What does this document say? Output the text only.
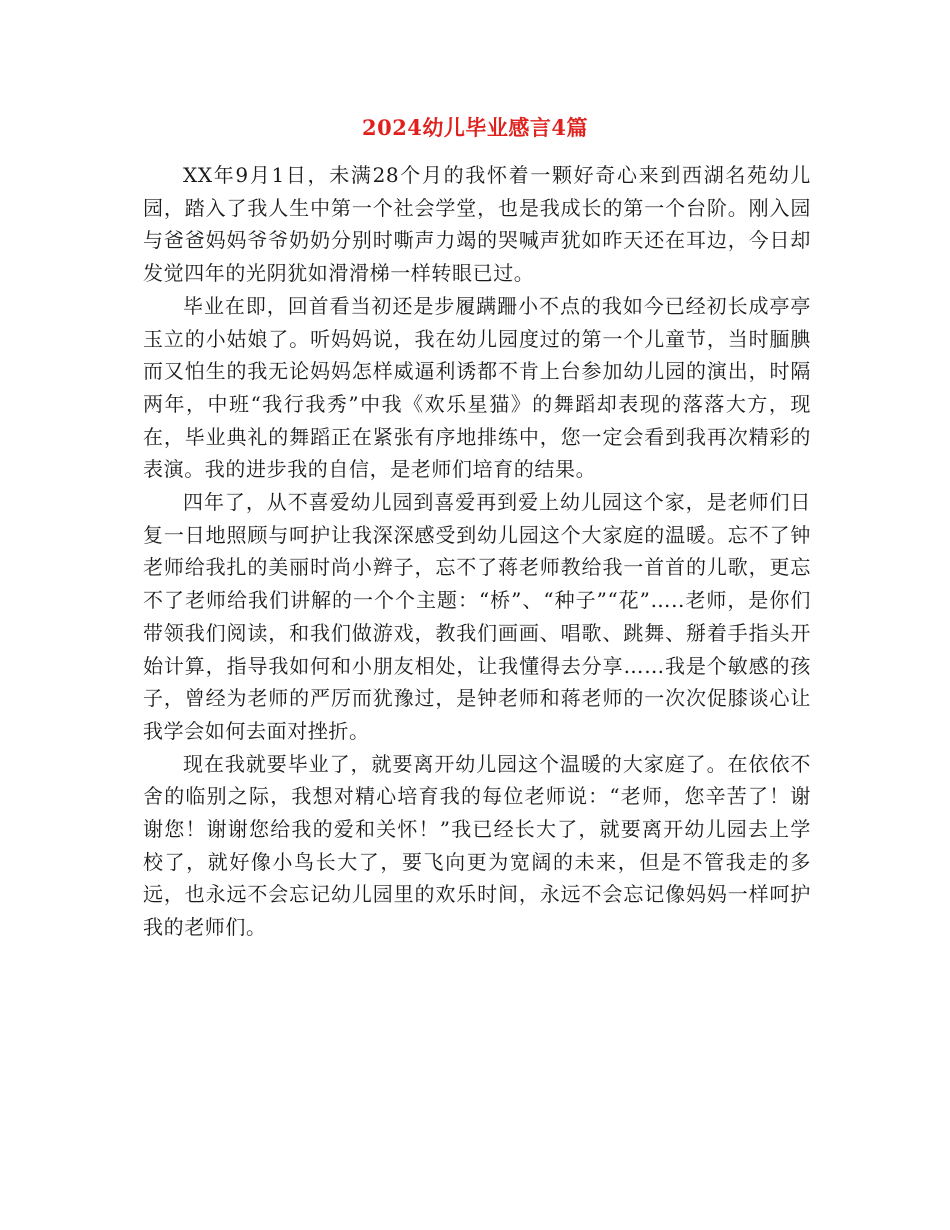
2024幼儿毕业感言4篇

XX年9月1日，未满28个月的我怀着一颗好奇心来到西湖名苑幼儿园，踏入了我人生中第一个社会学堂，也是我成长的第一个台阶。刚入园与爸爸妈妈爷爷奶奶分别时嘶声力竭的哭喊声犹如昨天还在耳边，今日却发觉四年的光阴犹如滑滑梯一样转眼已过。

毕业在即，回首看当初还是步履蹒跚小不点的我如今已经初长成亭亭玉立的小姑娘了。听妈妈说，我在幼儿园度过的第一个儿童节，当时腼腆而又怕生的我无论妈妈怎样威逼利诱都不肯上台参加幼儿园的演出，时隔两年，中班“我行我秀”中我《欢乐星猫》的舞蹈却表现的落落大方，现在，毕业典礼的舞蹈正在紧张有序地排练中，您一定会看到我再次精彩的表演。我的进步我的自信，是老师们培育的结果。

四年了，从不喜爱幼儿园到喜爱再到爱上幼儿园这个家，是老师们日复一日地照顾与呵护让我深深感受到幼儿园这个大家庭的温暖。忘不了钟老师给我扎的美丽时尚小辫子，忘不了蒋老师教给我一首首的儿歌，更忘不了老师给我们讲解的一个个主题：“桥”、“种子”“花”…..老师，是你们带领我们阅读，和我们做游戏，教我们画画、唱歌、跳舞、掰着手指头开始计算，指导我如何和小朋友相处，让我懂得去分享……我是个敏感的孩子，曾经为老师的严厉而犹豫过，是钟老师和蒋老师的一次次促膝谈心让我学会如何去面对挫折。

现在我就要毕业了，就要离开幼儿园这个温暖的大家庭了。在依依不舍的临别之际，我想对精心培育我的每位老师说：“老师，您辛苦了！谢谢您！谢谢您给我的爱和关怀！”我已经长大了，就要离开幼儿园去上学校了，就好像小鸟长大了，要飞向更为宽阔的未来，但是不管我走的多远，也永远不会忘记幼儿园里的欢乐时间，永远不会忘记像妈妈一样呵护我的老师们。
